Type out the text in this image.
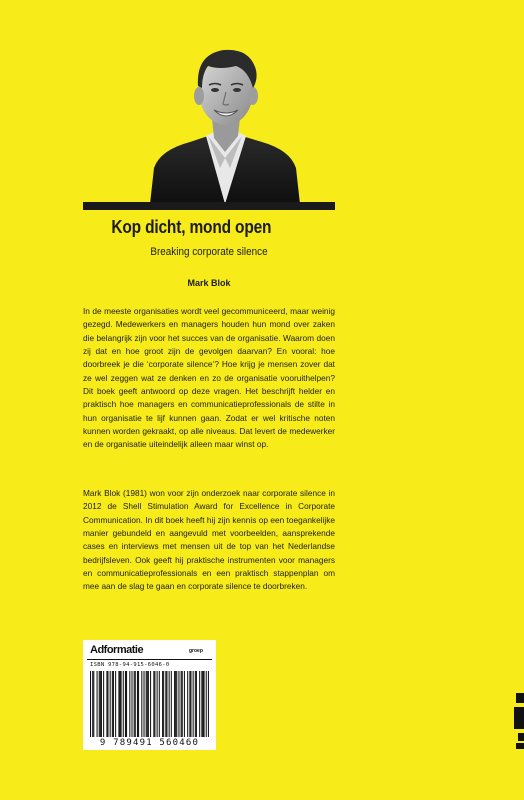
Kop dicht, mond open
Breaking corporate silence
Mark Blok

In de meeste organisaties wordt veel gecommuniceerd, maar weinig gezegd. Medewerkers en managers houden hun mond over zaken die belangrijk zijn voor het succes van de organisatie. Waarom doen zij dat en hoe groot zijn de gevolgen daarvan? En vooral: hoe doorbreek je die ‘corporate silence’? Hoe krijg je mensen zover dat ze wel zeggen wat ze denken en zo de organisatie vooruithelpen? Dit boek geeft antwoord op deze vragen. Het beschrijft helder en praktisch hoe managers en communicatieprofessionals de stilte in hun organisatie te lijf kunnen gaan. Zodat er wel kritische noten kunnen worden gekraakt, op alle niveaus. Dat levert de medewerker en de organisatie uiteindelijk alleen maar winst op.

Mark Blok (1981) won voor zijn onderzoek naar corporate silence in 2012 de Shell Stimulation Award for Excellence in Corporate Communication. In dit boek heeft hij zijn kennis op een toegankelijke manier gebundeld en aangevuld met voorbeelden, aansprekende cases en interviews met mensen uit de top van het Nederlandse bedrijfsleven. Ook geeft hij praktische instrumenten voor managers en communicatieprofessionals en een praktisch stappenplan om mee aan de slag te gaan en corporate silence te doorbreken.

Adformatie	groep
ISBN 978-94-915-6046-0
9 789491 560460
